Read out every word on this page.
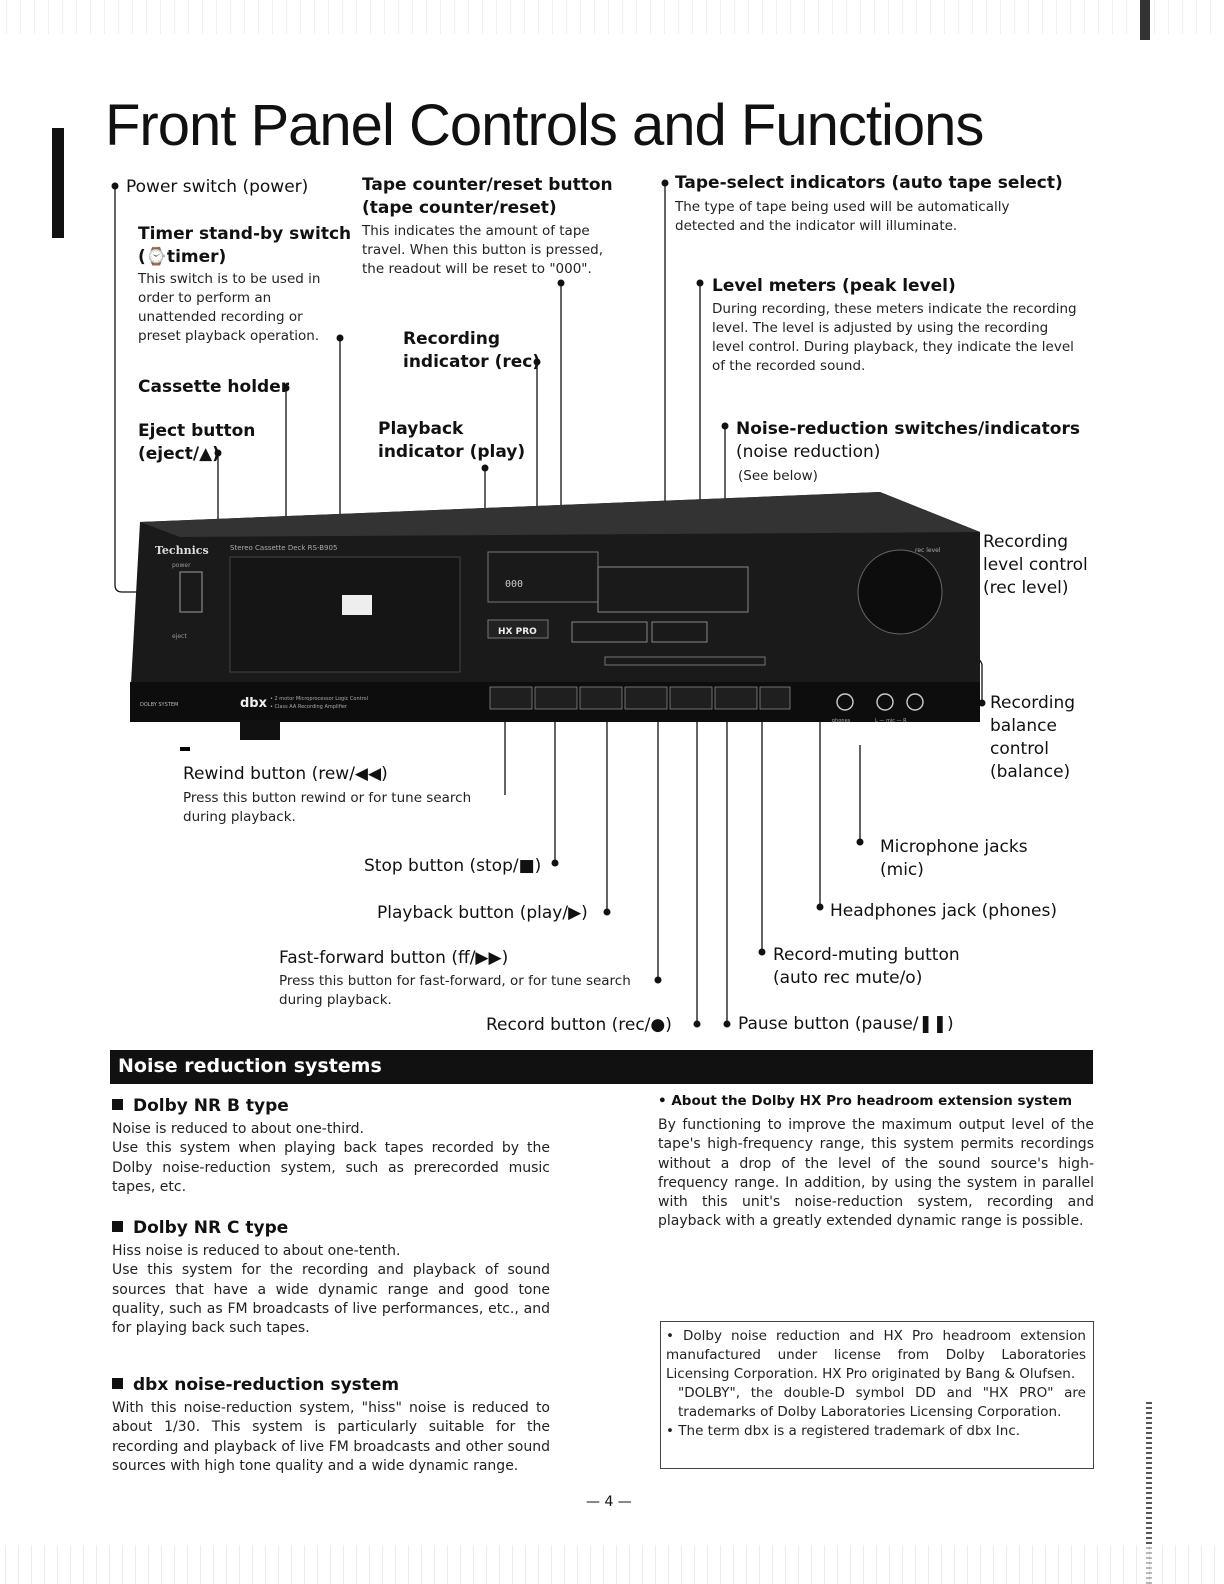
Front Panel Controls and Functions
Technics	Stereo Cassette Deck RS-B905
power
eject
000
HX PRO
rec level
dbx • 2 motor Microprocessor Logic Control
• Class AA Recording Amplifier
DOLBY SYSTEM
phones	L — mic — R
Power switch (power)
Timer stand-by switch
(⌚timer)
This switch is to be used in
order to perform an
unattended recording or
preset playback operation.
Cassette holder
Eject button
(eject/▲)
Tape counter/reset button
(tape counter/reset)
This indicates the amount of tape
travel. When this button is pressed,
the readout will be reset to "000".
Recording
indicator (rec)
Playback
indicator (play)
Tape-select indicators (auto tape select)
The type of tape being used will be automatically
detected and the indicator will illuminate.
Level meters (peak level)
During recording, these meters indicate the recording
level. The level is adjusted by using the recording
level control. During playback, they indicate the level
of the recorded sound.
Noise-reduction switches/indicators
(noise reduction)
(See below)
Recording
level control
(rec level)
Recording
balance
control
(balance)
Rewind button (rew/◀◀)
Press this button rewind or for tune search
during playback.
Stop button (stop/■)
Playback button (play/▶)
Fast-forward button (ff/▶▶)
Press this button for fast-forward, or for tune search
during playback.
Record button (rec/●)	Pause button (pause/❚❚)
Microphone jacks
(mic)
Headphones jack (phones)
Record-muting button
(auto rec mute/o)
Noise reduction systems
Dolby NR B type
Noise is reduced to about one-third.
Use this system when playing back tapes recorded by the Dolby noise-reduction system, such as prerecorded music tapes, etc.
Dolby NR C type
Hiss noise is reduced to about one-tenth.
Use this system for the recording and playback of sound sources that have a wide dynamic range and good tone quality, such as FM broadcasts of live performances, etc., and for playing back such tapes.
dbx noise-reduction system
With this noise-reduction system, "hiss" noise is reduced to about 1/30. This system is particularly suitable for the recording and playback of live FM broadcasts and other sound sources with high tone quality and a wide dynamic range.
• About the Dolby HX Pro headroom extension system
By functioning to improve the maximum output level of the tape's high-frequency range, this system permits recordings without a drop of the level of the sound source's high-frequency range. In addition, by using the system in parallel with this unit's noise-reduction system, recording and playback with a greatly extended dynamic range is possible.
• Dolby noise reduction and HX Pro headroom extension manufactured under license from Dolby Laboratories Licensing Corporation. HX Pro originated by Bang & Olufsen.
"DOLBY", the double-D symbol DD and "HX PRO" are trademarks of Dolby Laboratories Licensing Corporation.
• The term dbx is a registered trademark of dbx Inc.
— 4 —
